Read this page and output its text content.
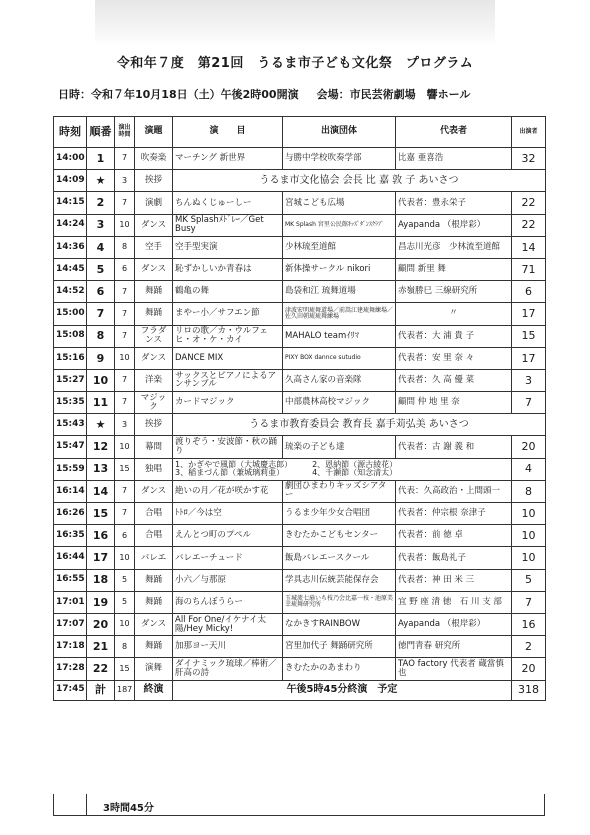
令和年７度　第21回　うるま市子ども文化祭　プログラム
日時：令和７年10月18日（土）午後2時00開演 会場：市民芸術劇場　響ホール
時刻	順番	演出時間	演題	演　　目	出演団体	代表者	出演者
14:00	1	7	吹奏楽	マーチング 新世界	与勝中学校吹奏学部	比嘉 亜喜浩	32
14:09	★	3	挨拶	うるま市文化協会 会長 比 嘉 敦 子 あいさつ			
14:15	2	7	演劇	ちんぬくじゅーしー	宮城こども広場	代表者：豊永栄子	22
14:24	3	10	ダンス	MK Splashﾒﾄﾞﾚｰ／Get Busy	MK Splash 宮里公民館ｷｯｽﾞﾀﾞﾝｽｸﾗﾌﾞ	Ayapanda （根岸彩）	22
14:36	4	8	空手	空手型実演	少林琉至道館	昌志川光彦　少林流至道館	14
14:45	5	6	ダンス	恥ずかしいか青春は	新体操サークル nikori	顧問 新里 舞	71
14:52	6	7	舞踊	鶴亀の舞	島袋和江 琉舞道場	赤嶺勝巳 三線研究所	6
15:00	7	7	舞踊	まやー小／サフエン節	津波宏明琉舞道場／前嵩江建琉舞練場／佐久田朝琉琉舞練場	〃	17
15:08	8	7	フラダンス	リロの歌／カ・ウルフェヒ・オ・ケ・カイ	MAHALO teamｲﾘﾏ	代表者：大 浦 貴 子	15
15:16	9	10	ダンス	DANCE MIX	PIXY BOX dannce sutudio	代表者：安 里 奈 々	17
15:27	10	7	洋楽	サックスとピアノによるアンサンブル	久高さん家の音楽隊	代表者：久 高 優 菜	3
15:35	11	7	マジック	カードマジック	中部農林高校マジック	顧問 仲 地 里 奈	7
15:43	★	3	挨拶	うるま市教育委員会 教育長 嘉手苅弘美 あいさつ			
15:47	12	10	幕間	渡りぞう・安波節・秋の踊り	琉楽の子ども達	代表者：古 謝 義 和	20
15:59	13	15	独唱	1、かぎやで風節（大城慶志郎）　　　2、恩納節（源古綾花）
3、稲まづん節（兼城璃莉亜）　　　　4、千瀬節（知念清太）			4
16:14	14	7	ダンス	絶いの月／花が咲かす花	劇団ひまわりキッズシアター	代表：久高政治・上間頭一	8
16:26	15	7	合唱	ﾄﾄﾛ／今は空	うるま少年少女合唱団	代表者：仲宗根 奈津子	10
16:35	16	6	合唱	えんとつ町のプペル	きむたかこどもセンター	代表者：前 徳 卓	10
16:44	17	10	バレエ	バレエーチュード	飯島バレエースクール	代表者：飯島礼子	10
16:55	18	5	舞踊	小六／与那原	学具志川伝統芸能保存会	代表者：神 田 米 三	5
17:01	19	5	舞踊	海のちんぼうらー	玉城流七扇いち枝乃会比嘉一枝・池原美幸琉舞研究所	宜 野 座 清 徳　石 川 支 部	7
17:07	20	10	ダンス	All For One/イケナイ太陽/Hey Micky!	なかきすRAINBOW	Ayapanda （根岸彩）	16
17:18	21	8	舞踊	加那ヨー天川	宮里加代子 舞踊研究所	徳門青春 研究所	2
17:28	22	15	演舞	ダイナミック琉球／棒術／肝高の詩	きむたかのあまわり	TAO factory 代表者 蔵當慎也	20
17:45	計	187	終演	午後5時45分終演　予定			318
3時間45分
